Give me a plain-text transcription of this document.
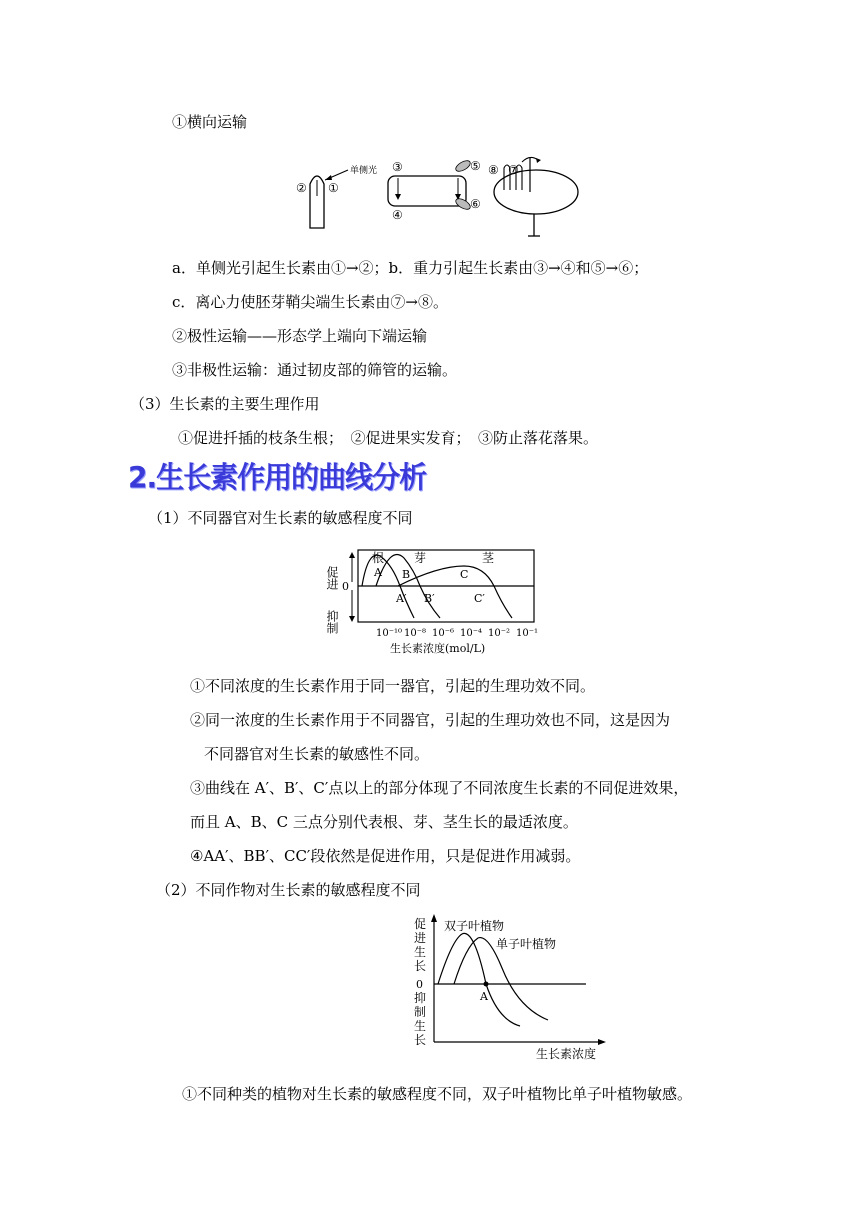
①横向运输
② ①
单侧光 ③
④
⑤
⑥
⑧ ⑦
a．单侧光引起生长素由①→②；b．重力引起生长素由③→④和⑤→⑥；
c．离心力使胚芽鞘尖端生长素由⑦→⑧。
②极性运输——形态学上端向下端运输
③非极性运输：通过韧皮部的筛管的运输。
（3）生长素的主要生理作用
①促进扦插的枝条生根；　②促进果实发育；　③防止落花落果。
2.生长素作用的曲线分析
（1）不同器官对生长素的敏感程度不同
促进
抑制
0
根 芽	茎
A B	C
A′ B′	C′
10⁻¹⁰ 10⁻⁸ 10⁻⁶ 10⁻⁴ 10⁻² 10⁻¹
生长素浓度(mol/L)
①不同浓度的生长素作用于同一器官，引起的生理功效不同。
②同一浓度的生长素作用于不同器官，引起的生理功效也不同，这是因为
不同器官对生长素的敏感性不同。
③曲线在 A′、B′、C′点以上的部分体现了不同浓度生长素的不同促进效果，
而且 A、B、C 三点分别代表根、芽、茎生长的最适浓度。
④AA′、BB′、CC′段依然是促进作用，只是促进作用减弱。
（2）不同作物对生长素的敏感程度不同
促
进
生
长
抑
制
生
长
0
A
双子叶植物
单子叶植物
生长素浓度
①不同种类的植物对生长素的敏感程度不同，双子叶植物比单子叶植物敏感。
